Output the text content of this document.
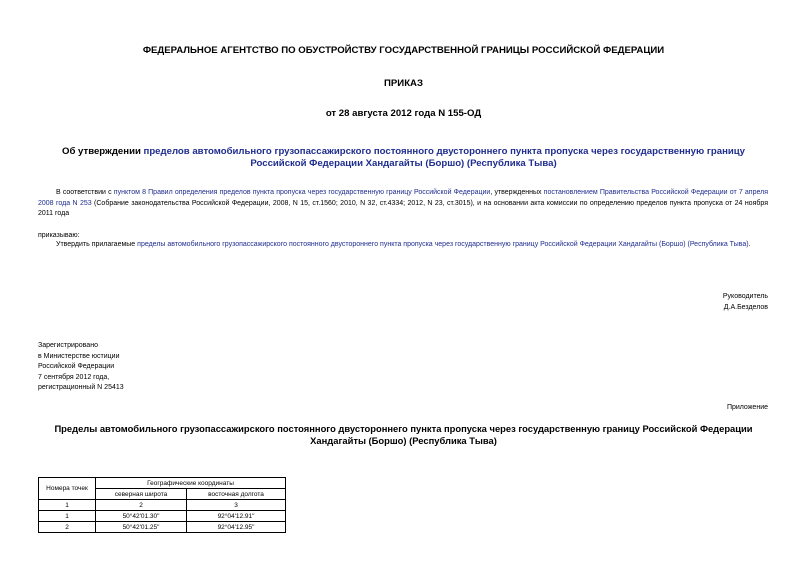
ФЕДЕРАЛЬНОЕ АГЕНТСТВО ПО ОБУСТРОЙСТВУ ГОСУДАРСТВЕННОЙ ГРАНИЦЫ РОССИЙСКОЙ ФЕДЕРАЦИИ
ПРИКАЗ
от 28 августа 2012 года N 155-ОД
Об утверждении пределов автомобильного грузопассажирского постоянного двустороннего пункта пропуска через государственную границу Российской Федерации Хандагайты (Боршо) (Республика Тыва)
В соответствии с пунктом 8 Правил определения пределов пункта пропуска через государственную границу Российской Федерации, утвержденных постановлением Правительства Российской Федерации от 7 апреля 2008 года N 253 (Собрание законодательства Российской Федерации, 2008, N 15, ст.1560; 2010, N 32, ст.4334; 2012, N 23, ст.3015), и на основании акта комиссии по определению пределов пункта пропуска от 24 ноября 2011 года
приказываю:
Утвердить прилагаемые пределы автомобильного грузопассажирского постоянного двустороннего пункта пропуска через государственную границу Российской Федерации Хандагайты (Боршо) (Республика Тыва).
Руководитель
Д.А.Безделов
Зарегистрировано
в Министерстве юстиции
Российской Федерации
7 сентября 2012 года,
регистрационный N 25413
Приложение
Пределы автомобильного грузопассажирского постоянного двустороннего пункта пропуска через государственную границу Российской Федерации Хандагайты (Боршо) (Республика Тыва)
Номера точек	Географические координаты	
	северная широта	восточная долгота
1	2	3
1	50°42'01.30"	92°04'12.91"
2	50°42'01.25"	92°04'12.95"
